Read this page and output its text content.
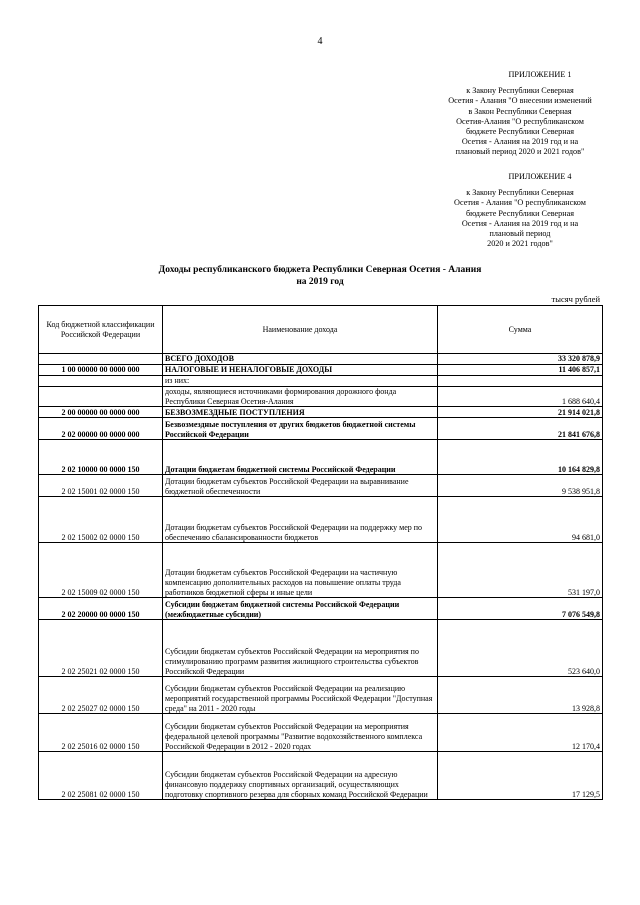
4
ПРИЛОЖЕНИЕ 1
к Закону Республики Северная
Осетия - Алания "О внесении изменений
в Закон Республики Северная
Осетия-Алания "О республиканском
бюджете Республики Северная
Осетия - Алания на 2019 год и на
плановый период 2020 и 2021 годов"
ПРИЛОЖЕНИЕ 4
к Закону Республики Северная
Осетия - Алания "О республиканском
бюджете Республики Северная
Осетия - Алания на 2019 год и на
плановый период
2020 и 2021 годов"
Доходы республиканского бюджета Республики Северная Осетия - Алания
на 2019 год
тысяч рублей
Код бюджетной классификации Российской Федерации	Наименование дохода	Сумма
	ВСЕГО ДОХОДОВ	33 320 878,9
1 00 00000 00 0000 000	НАЛОГОВЫЕ И НЕНАЛОГОВЫЕ ДОХОДЫ	11 406 857,1
	из них:	
	доходы, являющиеся источниками формирования дорожного фонда Республики Северная Осетия-Алания	1 688 640,4
2 00 00000 00 0000 000	БЕЗВОЗМЕЗДНЫЕ ПОСТУПЛЕНИЯ	21 914 021,8
2 02 00000 00 0000 000	Безвозмездные поступления от других бюджетов бюджетной системы Российской Федерации	21 841 676,8
2 02 10000 00 0000 150	Дотации бюджетам бюджетной системы Российской Федерации	10 164 829,8
2 02 15001 02 0000 150	Дотации бюджетам субъектов Российской Федерации на выравнивание бюджетной обеспеченности	9 538 951,8
2 02 15002 02 0000 150	Дотации бюджетам субъектов Российской Федерации на поддержку мер по обеспечению сбалансированности бюджетов	94 681,0
2 02 15009 02 0000 150	Дотации бюджетам субъектов Российской Федерации на частичную компенсацию дополнительных расходов на повышение оплаты труда работников бюджетной сферы и иные цели	531 197,0
2 02 20000 00 0000 150	Субсидии бюджетам бюджетной системы Российской Федерации (межбюджетные субсидии)	7 076 549,8
2 02 25021 02 0000 150	Субсидии бюджетам субъектов Российской Федерации на мероприятия по стимулированию программ развития жилищного строительства субъектов Российской Федерации	523 640,0
2 02 25027 02 0000 150	Субсидии бюджетам субъектов Российской Федерации на реализацию мероприятий государственной программы Российской Федерации "Доступная среда" на 2011 - 2020 годы	13 928,8
2 02 25016 02 0000 150	Субсидии бюджетам субъектов Российской Федерации на мероприятия федеральной целевой программы "Развитие водохозяйственного комплекса Российской Федерации в 2012 - 2020 годах	12 170,4
2 02 25081 02 0000 150	Субсидии бюджетам субъектов Российской Федерации на адресную финансовую поддержку спортивных организаций, осуществляющих подготовку спортивного резерва для сборных команд Российской Федерации	17 129,5
